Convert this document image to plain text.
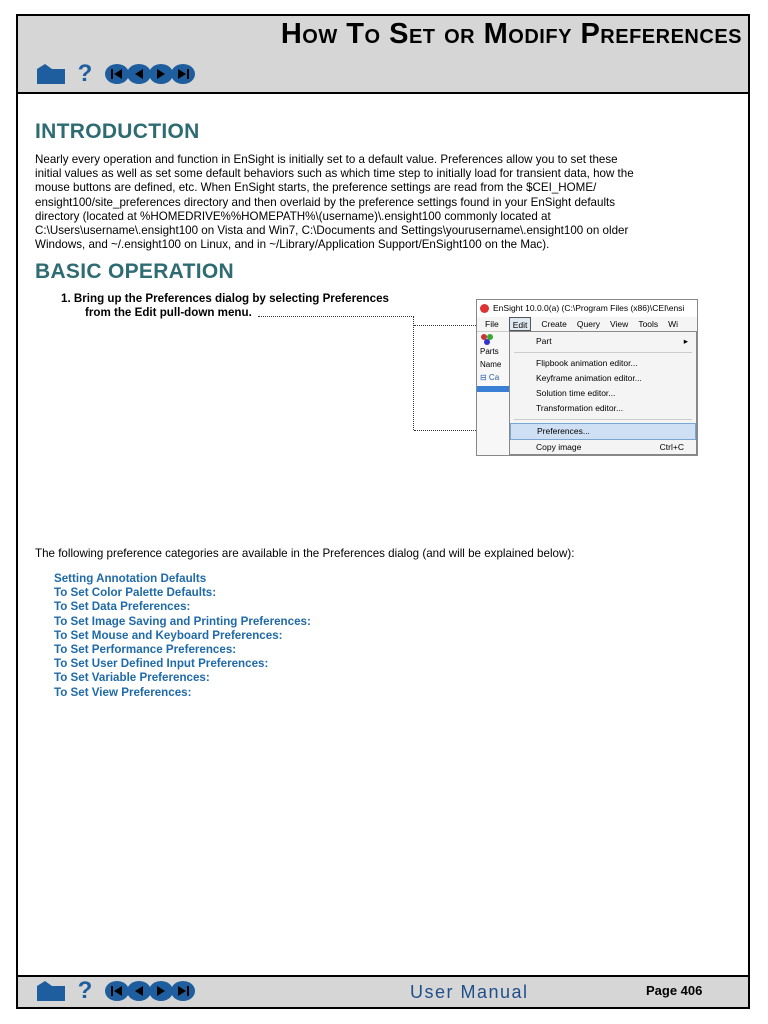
How To Set or Modify Preferences
?
INTRODUCTION

Nearly every operation and function in EnSight is initially set to a default value. Preferences allow you to set these
initial values as well as set some default behaviors such as which time step to initially load for transient data, how the
mouse buttons are defined, etc. When EnSight starts, the preference settings are read from the $CEI_HOME/
ensight100/site_preferences directory and then overlaid by the preference settings found in your EnSight defaults
directory (located at %HOMEDRIVE%%HOMEPATH%\(username)\.ensight100 commonly located at
C:\Users\username\.ensight100 on Vista and Win7, C:\Documents and Settings\yourusername\.ensight100 on older
Windows, and ~/.ensight100 on Linux, and in ~/Library/Application Support/EnSight100 on the Mac).

BASIC OPERATION

1. Bring up the Preferences dialog by selecting Preferences
from the Edit pull-down menu.	EnSight 10.0.0(a) (C:\Program Files (x86)\CEI\ensi
File	Edit	Create Query View Tools Wi
Parts
Name
⊟ Ca
Part	▸
Flipbook animation editor...
Keyframe animation editor...
Solution time editor...
Transformation editor...
Preferences...
Copy image	Ctrl+C

The following preference categories are available in the Preferences dialog (and will be explained below):

Setting Annotation Defaults
To Set Color Palette Defaults:
To Set Data Preferences:
To Set Image Saving and Printing Preferences:
To Set Mouse and Keyboard Preferences:
To Set Performance Preferences:
To Set User Defined Input Preferences:
To Set Variable Preferences:
To Set View Preferences:
?	User Manual	Page 406
